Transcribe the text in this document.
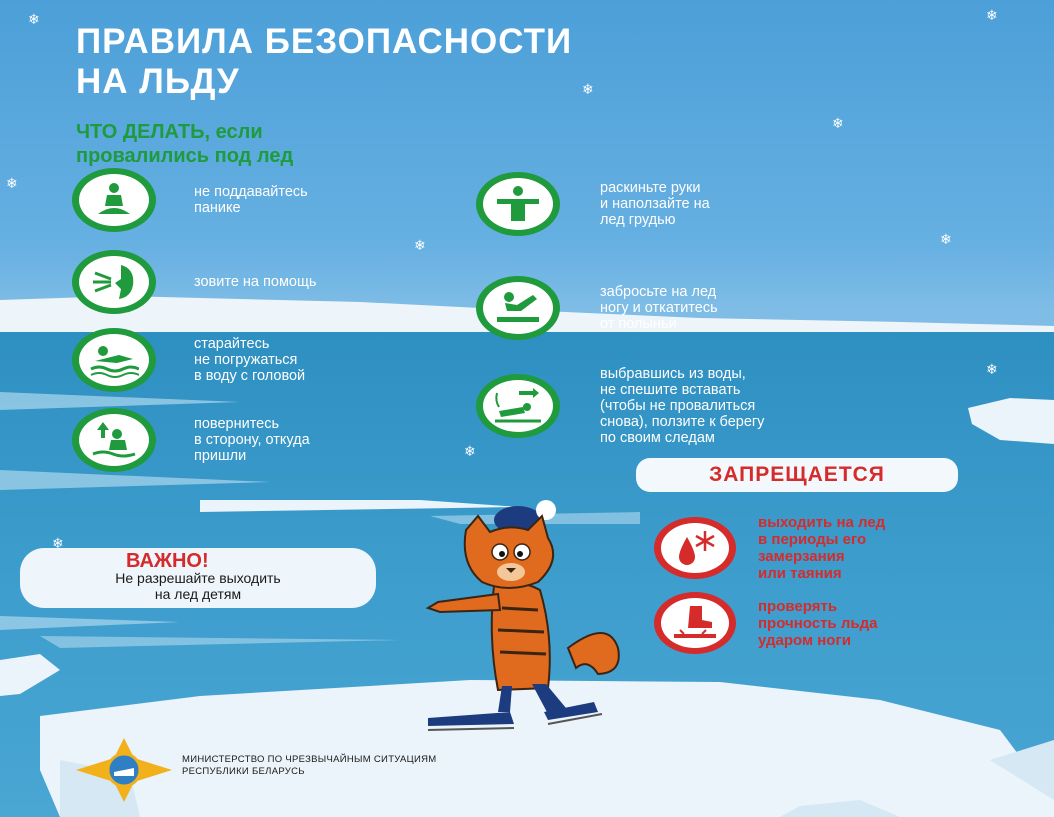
ПРАВИЛА БЕЗОПАСНОСТИ
НА ЛЬДУ
ЧТО ДЕЛАТЬ, если
провалились под лед
не поддавайтесь
панике
зовите на помощь
старайтесь
не погружаться
в воду с головой
повернитесь
в сторону, откуда
пришли
раскиньте руки
и наползайте на
лед грудью
забросьте на лед
ногу и откатитесь
от полыньи
выбравшись из воды,
не спешите вставать
(чтобы не провалиться
снова), ползите к берегу
по своим следам
ЗАПРЕЩАЕТСЯ
выходить на лед
в периоды его
замерзания
или таяния
проверять
прочность льда
ударом ноги
ВАЖНО!
Не разрешайте выходить
на лед детям
МИНИСТЕРСТВО ПО ЧРЕЗВЫЧАЙНЫМ СИТУАЦИЯМ
РЕСПУБЛИКИ БЕЛАРУСЬ
❄	❄
❄
❄
❄
❄	❄
❄
❄
❄
